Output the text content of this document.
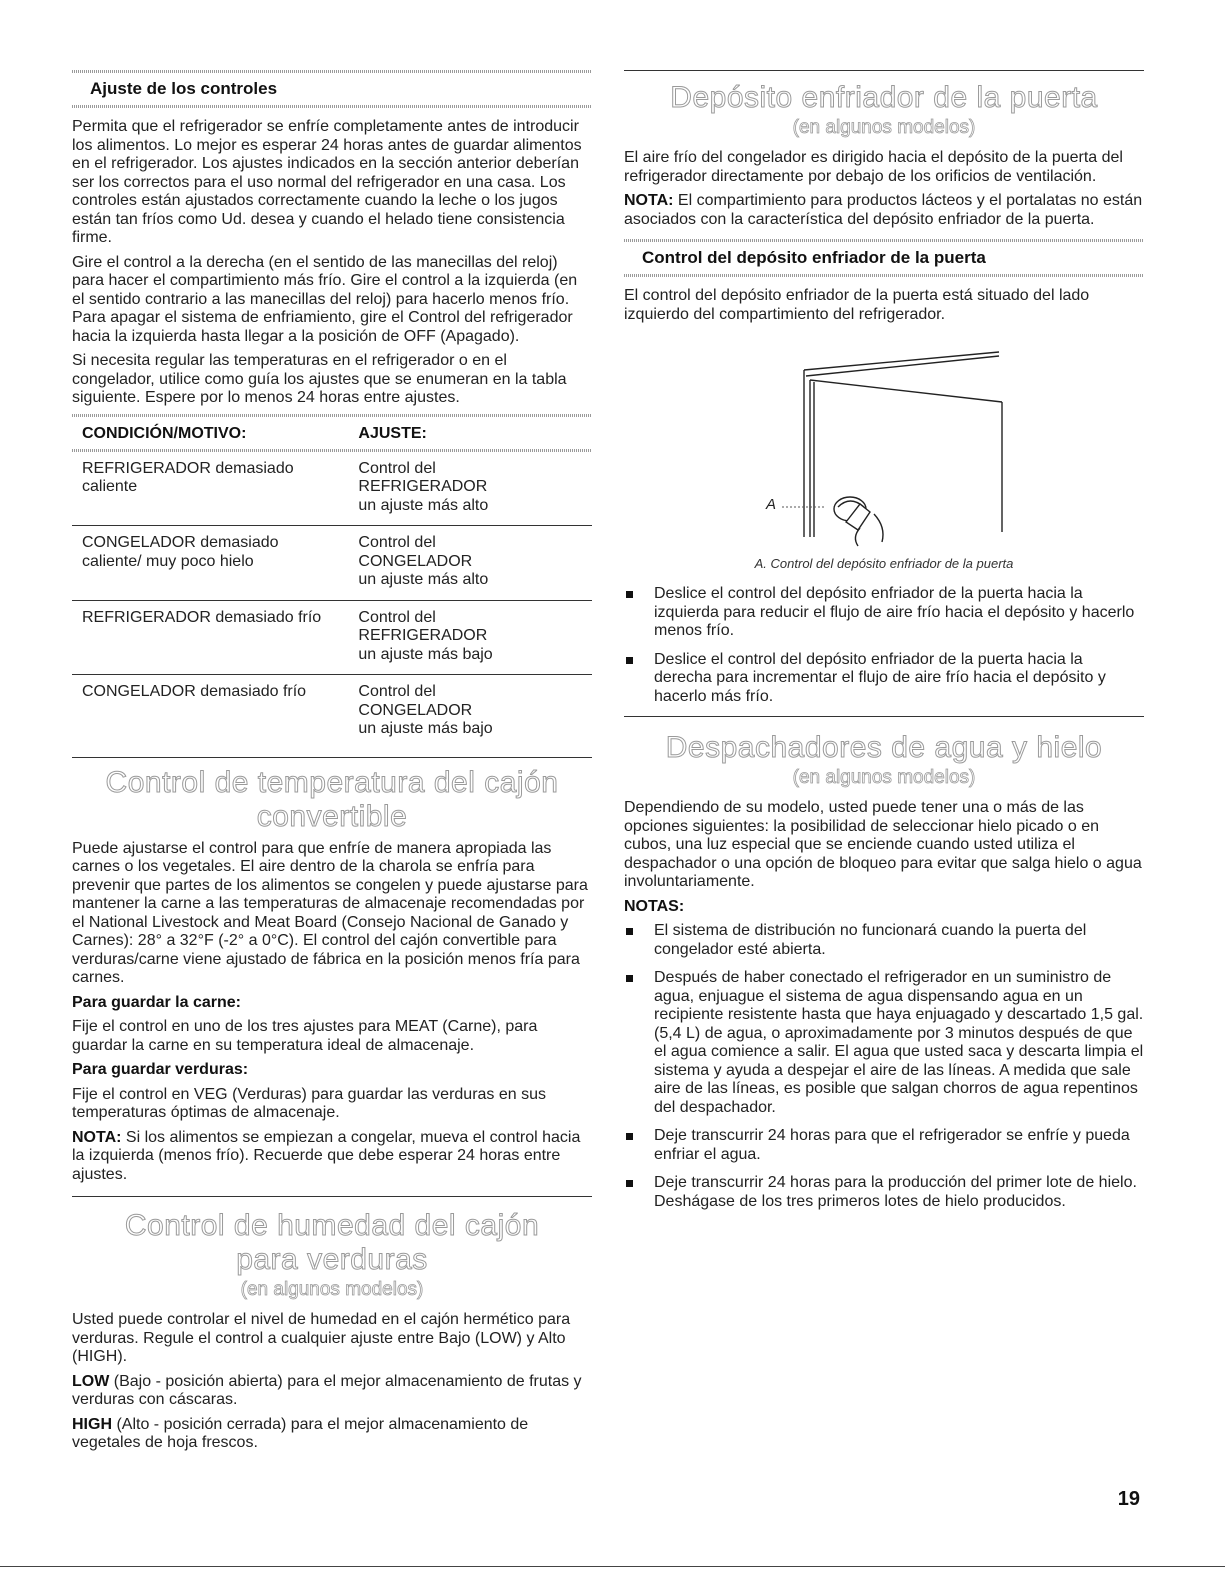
Ajuste de los controles

Permita que el refrigerador se enfríe completamente antes de introducir los alimentos. Lo mejor es esperar 24 horas antes de guardar alimentos en el refrigerador. Los ajustes indicados en la sección anterior deberían ser los correctos para el uso normal del refrigerador en una casa. Los controles están ajustados correctamente cuando la leche o los jugos están tan fríos como Ud. desea y cuando el helado tiene consistencia firme.

Gire el control a la derecha (en el sentido de las manecillas del reloj) para hacer el compartimiento más frío. Gire el control a la izquierda (en el sentido contrario a las manecillas del reloj) para hacerlo menos frío. Para apagar el sistema de enfriamiento, gire el Control del refrigerador hacia la izquierda hasta llegar a la posición de OFF (Apagado).

Si necesita regular las temperaturas en el refrigerador o en el congelador, utilice como guía los ajustes que se enumeran en la tabla siguiente. Espere por lo menos 24 horas entre ajustes.

CONDICIÓN/MOTIVO:	AJUSTE:

REFRIGERADOR demasiado caliente	Control del
REFRIGERADOR
un ajuste más alto

CONGELADOR demasiado caliente/ muy poco hielo	Control del
CONGELADOR
un ajuste más alto

REFRIGERADOR demasiado frío	Control del
REFRIGERADOR
un ajuste más bajo

CONGELADOR demasiado frío	Control del
CONGELADOR
un ajuste más bajo
Control de temperatura del cajón
convertible

Puede ajustarse el control para que enfríe de manera apropiada las carnes o los vegetales. El aire dentro de la charola se enfría para prevenir que partes de los alimentos se congelen y puede ajustarse para mantener la carne a las temperaturas de almacenaje recomendadas por el National Livestock and Meat Board (Consejo Nacional de Ganado y Carnes): 28° a 32°F (-2° a 0°C). El control del cajón convertible para verduras/carne viene ajustado de fábrica en la posición menos fría para carnes.

Para guardar la carne:

Fije el control en uno de los tres ajustes para MEAT (Carne), para guardar la carne en su temperatura ideal de almacenaje.

Para guardar verduras:

Fije el control en VEG (Verduras) para guardar las verduras en sus temperaturas óptimas de almacenaje.

NOTA: Si los alimentos se empiezan a congelar, mueva el control hacia la izquierda (menos frío). Recuerde que debe esperar 24 horas entre ajustes.

Control de humedad del cajón
para verduras
(en algunos modelos)

Usted puede controlar el nivel de humedad en el cajón hermético para verduras. Regule el control a cualquier ajuste entre Bajo (LOW) y Alto (HIGH).

LOW (Bajo - posición abierta) para el mejor almacenamiento de frutas y verduras con cáscaras.

HIGH (Alto - posición cerrada) para el mejor almacenamiento de vegetales de hoja frescos.

Depósito enfriador de la puerta
(en algunos modelos)

El aire frío del congelador es dirigido hacia el depósito de la puerta del refrigerador directamente por debajo de los orificios de ventilación.

NOTA: El compartimiento para productos lácteos y el portalatas no están asociados con la característica del depósito enfriador de la puerta.

Control del depósito enfriador de la puerta

El control del depósito enfriador de la puerta está situado del lado izquierdo del compartimiento del refrigerador.

A
A. Control del depósito enfriador de la puerta
Deslice el control del depósito enfriador de la puerta hacia la izquierda para reducir el flujo de aire frío hacia el depósito y hacerlo menos frío.
Deslice el control del depósito enfriador de la puerta hacia la derecha para incrementar el flujo de aire frío hacia el depósito y hacerlo más frío.
Despachadores de agua y hielo
(en algunos modelos)

Dependiendo de su modelo, usted puede tener una o más de las opciones siguientes: la posibilidad de seleccionar hielo picado o en cubos, una luz especial que se enciende cuando usted utiliza el despachador o una opción de bloqueo para evitar que salga hielo o agua involuntariamente.

NOTAS:

El sistema de distribución no funcionará cuando la puerta del congelador esté abierta.
Después de haber conectado el refrigerador en un suministro de agua, enjuague el sistema de agua dispensando agua en un recipiente resistente hasta que haya enjuagado y descartado 1,5 gal. (5,4 L) de agua, o aproximadamente por 3 minutos después de que el agua comience a salir. El agua que usted saca y descarta limpia el sistema y ayuda a despejar el aire de las líneas. A medida que sale aire de las líneas, es posible que salgan chorros de agua repentinos del despachador.
Deje transcurrir 24 horas para que el refrigerador se enfríe y pueda enfriar el agua.
Deje transcurrir 24 horas para la producción del primer lote de hielo. Deshágase de los tres primeros lotes de hielo producidos.
19
